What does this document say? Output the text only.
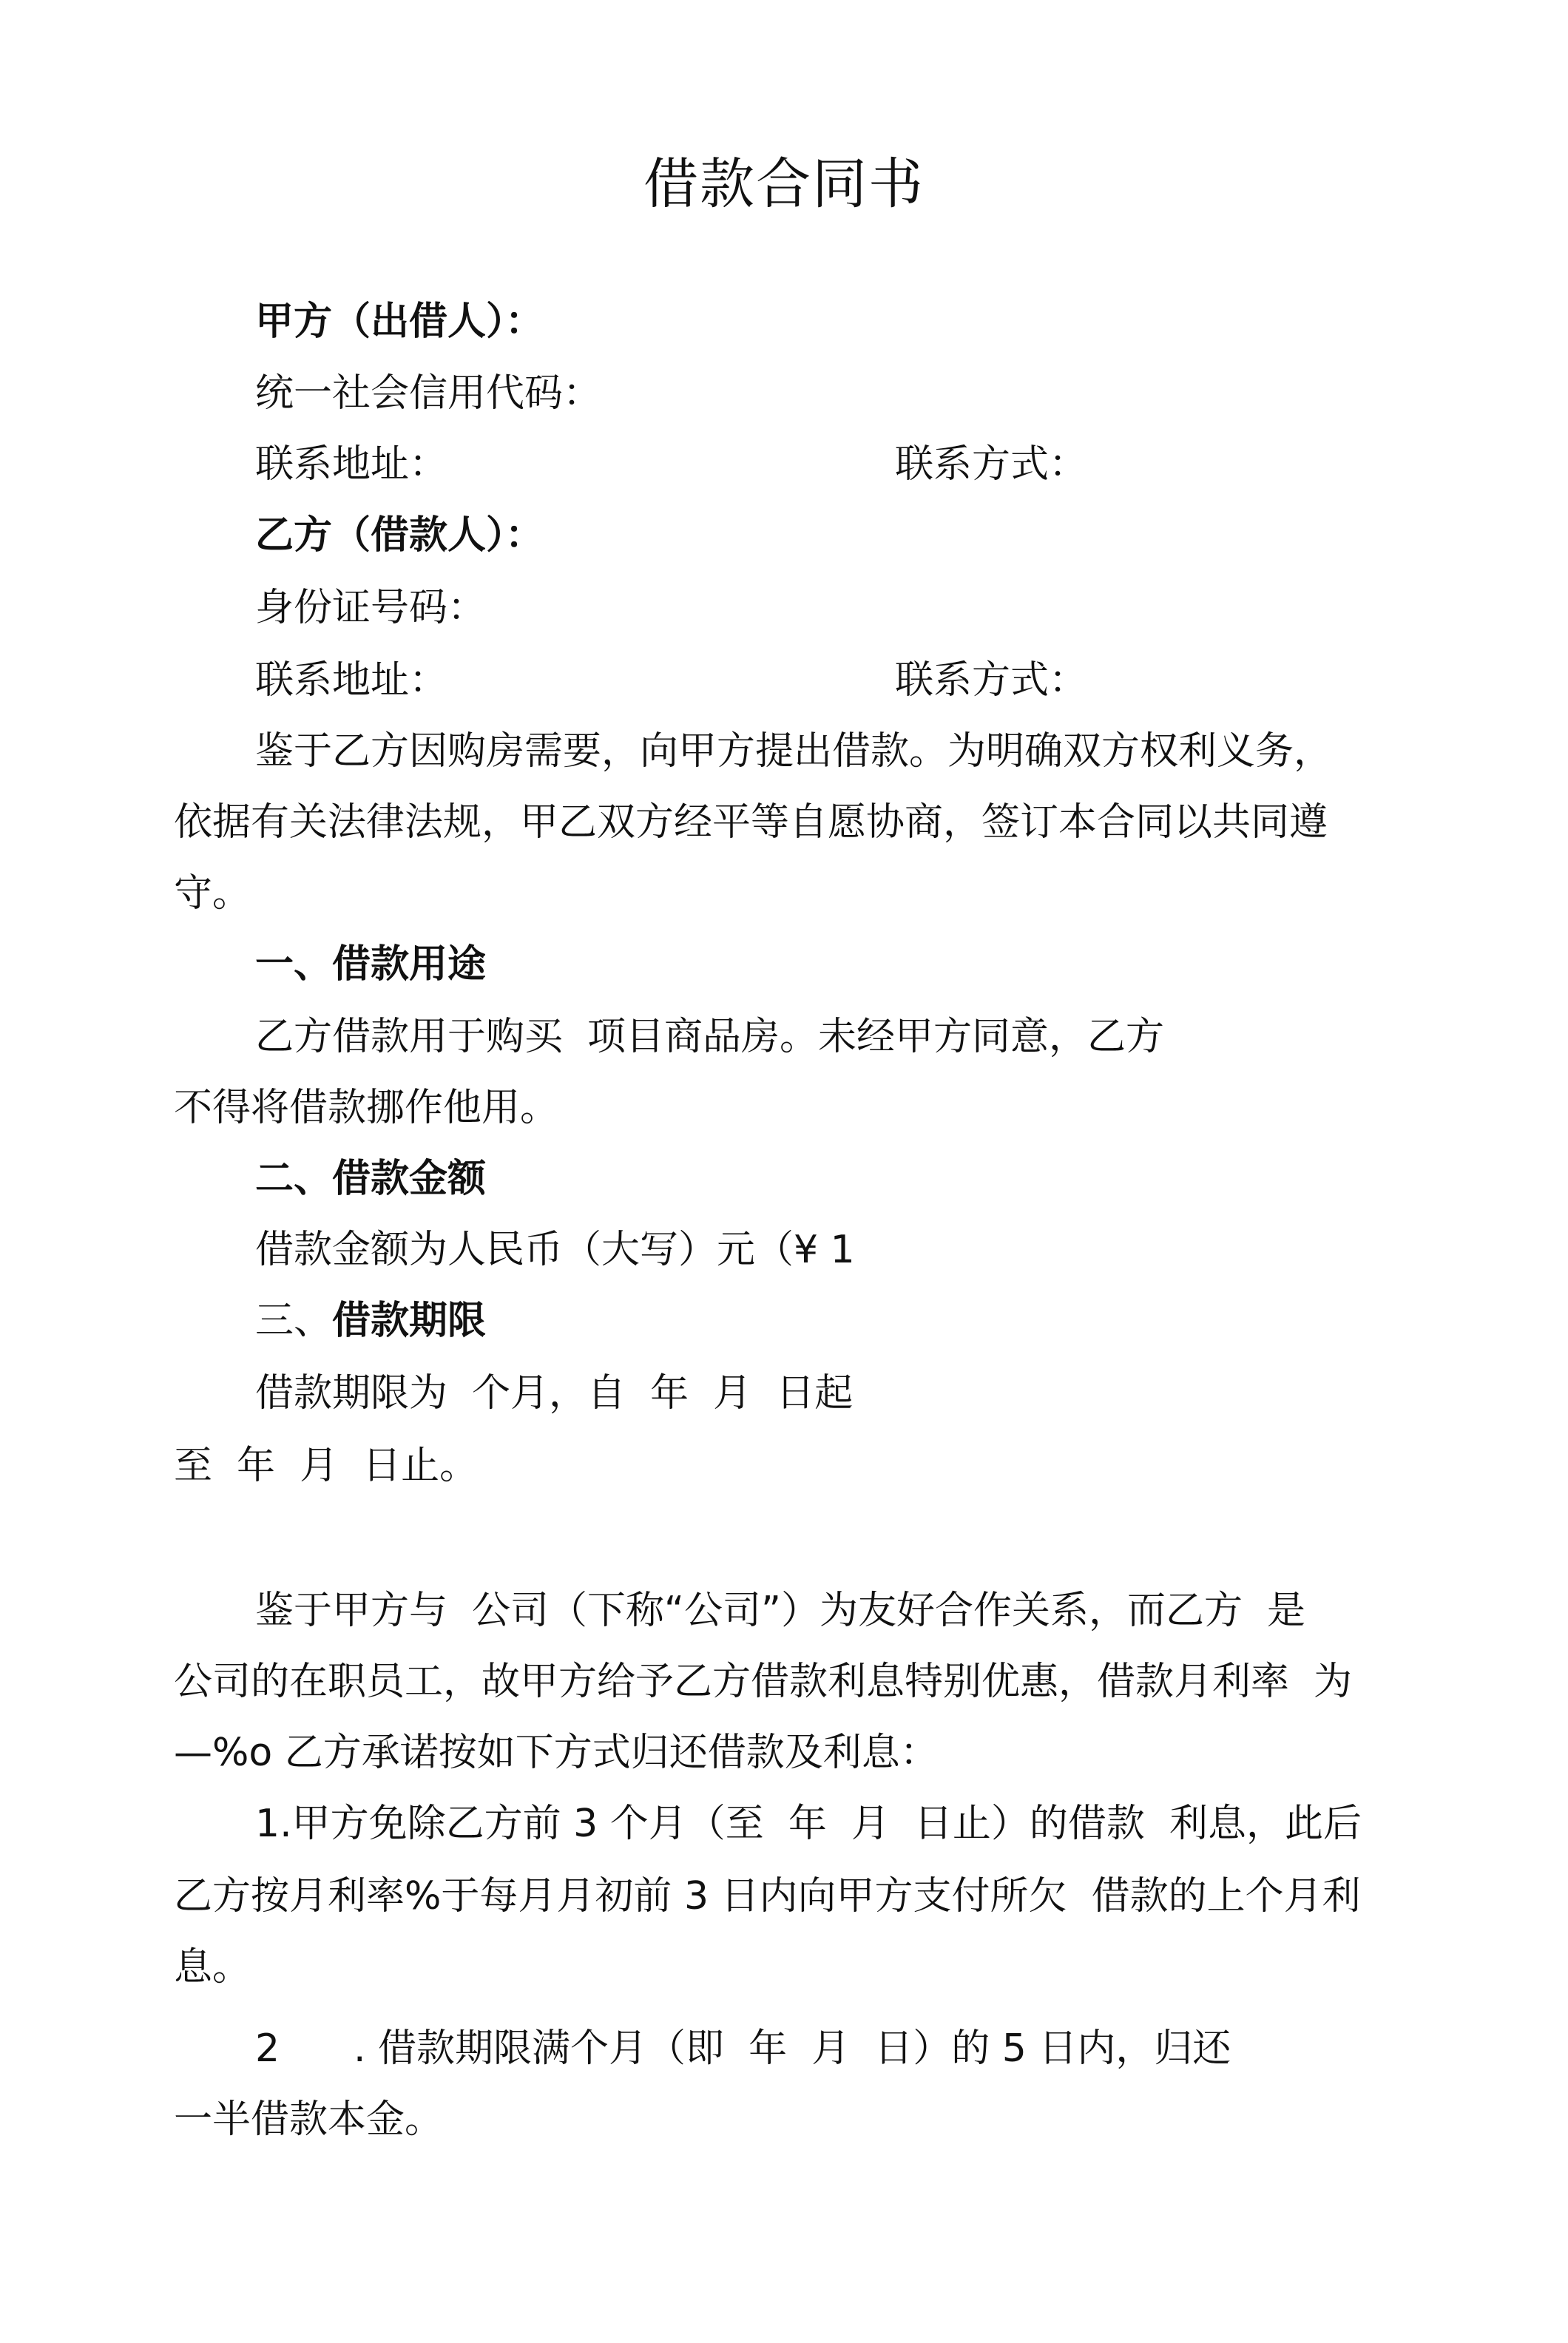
借款合同书
甲方（出借人）：
统一社会信用代码：
联系地址：	联系方式：
乙方（借款人）：
身份证号码：
联系地址：	联系方式：
鉴于乙方因购房需要，向甲方提出借款。为明确双方权利义务，
依据有关法律法规，甲乙双方经平等自愿协商，签订本合同以共同遵
守。
一、借款用途
乙方借款用于购买  项目商品房。未经甲方同意，乙方
不得将借款挪作他用。
二、借款金额
借款金额为人民币（大写）元（¥ 1
三、借款期限
借款期限为  个月，自  年  月  日起
至  年  月  日止。
鉴于甲方与  公司（下称“公司”）为友好合作关系，而乙方  是
公司的在职员工，故甲方给予乙方借款利息特别优惠，借款月利率  为
—%o 乙方承诺按如下方式归还借款及利息：
1.甲方免除乙方前 3 个月（至  年  月  日止）的借款  利息，此后
乙方按月利率%于每月月初前 3 日内向甲方支付所欠  借款的上个月利
息。
2 . 借款期限满个月（即  年  月  日）的 5 日内，归还
一半借款本金。
